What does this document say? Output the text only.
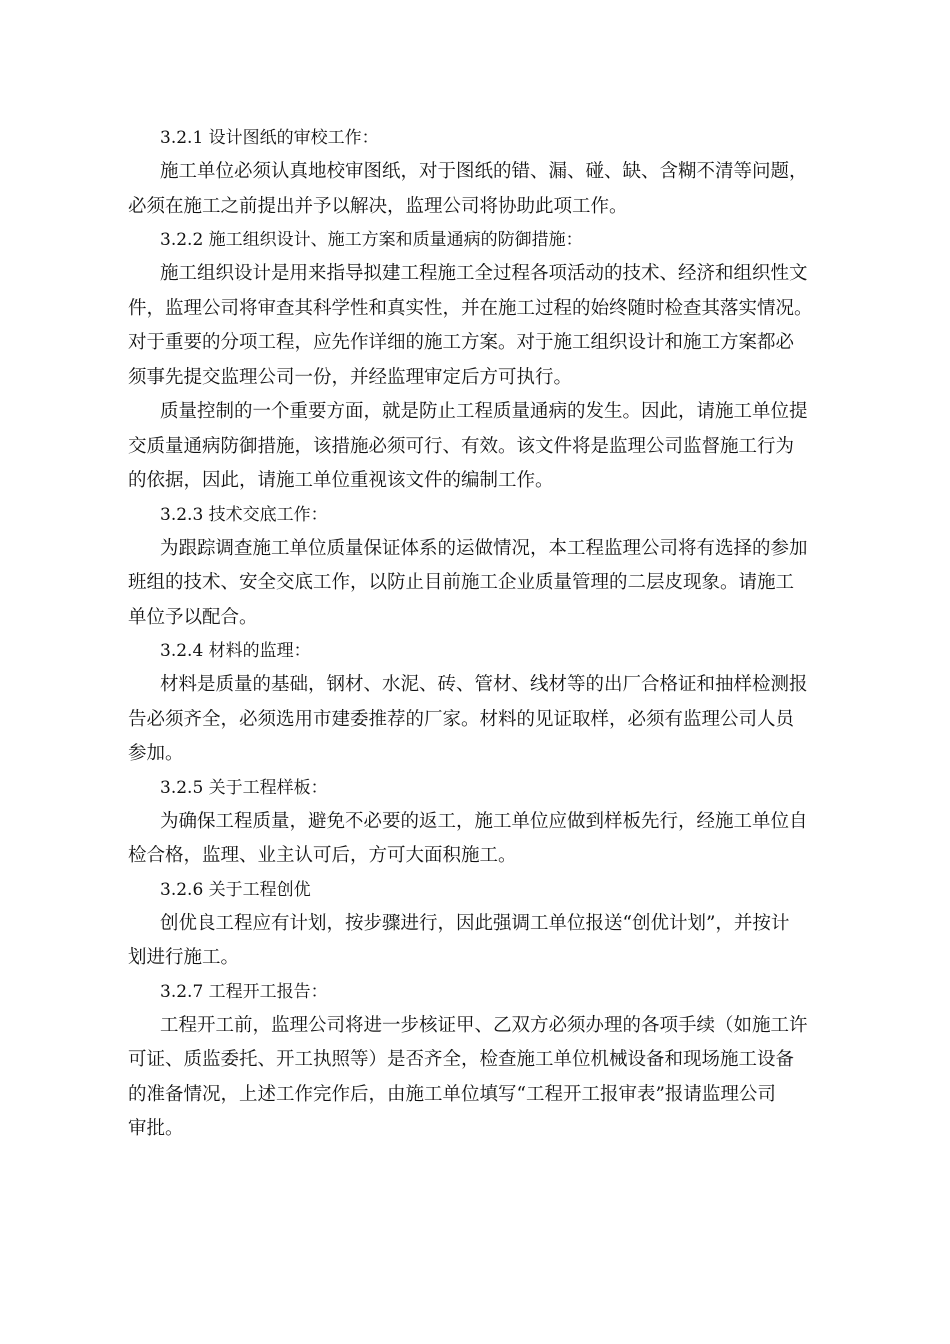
3.2.1 设计图纸的审校工作：

施工单位必须认真地校审图纸，对于图纸的错、漏、碰、缺、含糊不清等问题，
必须在施工之前提出并予以解决，监理公司将协助此项工作。

3.2.2 施工组织设计、施工方案和质量通病的防御措施：

施工组织设计是用来指导拟建工程施工全过程各项活动的技术、经济和组织性文
件，监理公司将审查其科学性和真实性，并在施工过程的始终随时检查其落实情况。
对于重要的分项工程，应先作详细的施工方案。对于施工组织设计和施工方案都必
须事先提交监理公司一份，并经监理审定后方可执行。

质量控制的一个重要方面，就是防止工程质量通病的发生。因此，请施工单位提
交质量通病防御措施，该措施必须可行、有效。该文件将是监理公司监督施工行为
的依据，因此，请施工单位重视该文件的编制工作。

3.2.3 技术交底工作：

为跟踪调查施工单位质量保证体系的运做情况，本工程监理公司将有选择的参加
班组的技术、安全交底工作，以防止目前施工企业质量管理的二层皮现象。请施工
单位予以配合。

3.2.4 材料的监理：

材料是质量的基础，钢材、水泥、砖、管材、线材等的出厂合格证和抽样检测报
告必须齐全，必须选用市建委推荐的厂家。材料的见证取样，必须有监理公司人员
参加。

3.2.5 关于工程样板：

为确保工程质量，避免不必要的返工，施工单位应做到样板先行，经施工单位自
检合格，监理、业主认可后，方可大面积施工。

3.2.6 关于工程创优

创优良工程应有计划，按步骤进行，因此强调工单位报送“创优计划”，并按计
划进行施工。

3.2.7 工程开工报告：

工程开工前，监理公司将进一步核证甲、乙双方必须办理的各项手续（如施工许
可证、质监委托、开工执照等）是否齐全，检查施工单位机械设备和现场施工设备
的准备情况，上述工作完作后，由施工单位填写“工程开工报审表”报请监理公司
审批。
